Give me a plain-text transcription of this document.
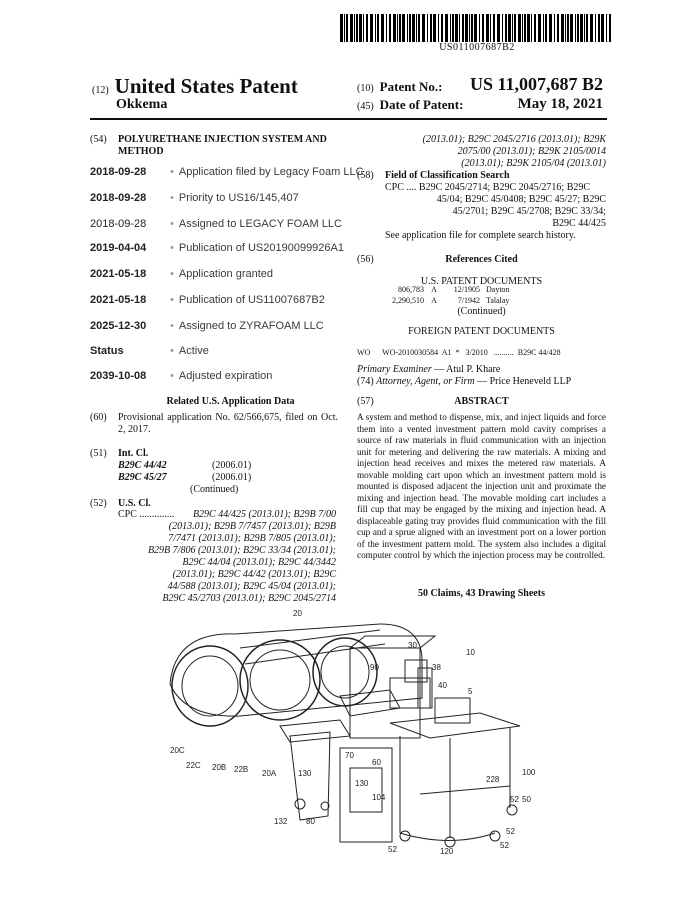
US011007687B2
(12) United States Patent
Okkema
(10) Patent No.: US 11,007,687 B2
(45) Date of Patent:	May 18, 2021
(54) POLYURETHANE INJECTION SYSTEM AND METHOD
2018-09-28 • Application filed by Legacy Foam LLC
2018-09-28 • Priority to US16/145,407
2018-09-28 • Assigned to LEGACY FOAM LLC
2019-04-04 • Publication of US20190099926A1
2021-05-18 • Application granted
2021-05-18 • Publication of US11007687B2
2025-12-30 • Assigned to ZYRAFOAM LLC
Status	• Active
2039-10-08 • Adjusted expiration
Related U.S. Application Data
(60) Provisional application No. 62/566,675, filed on Oct. 2, 2017.
(51) Int. Cl.
B29C 44/42	(2006.01)
B29C 45/27	(2006.01)
(Continued)
(52) U.S. Cl.
CPC ..............	B29C 44/425 (2013.01); B29B 7/00
(2013.01); B29B 7/7457 (2013.01); B29B
7/7471 (2013.01); B29B 7/805 (2013.01);
B29B 7/806 (2013.01); B29C 33/34 (2013.01);
B29C 44/04 (2013.01); B29C 44/3442
(2013.01); B29C 44/42 (2013.01); B29C
44/588 (2013.01); B29C 45/04 (2013.01);
B29C 45/2703 (2013.01); B29C 2045/2714
(2013.01); B29C 2045/2716 (2013.01); B29K
2075/00 (2013.01); B29K 2105/0014
(2013.01); B29K 2105/04 (2013.01)
(58) Field of Classification Search
CPC .... B29C 2045/2714; B29C 2045/2716; B29C
45/04; B29C 45/0408; B29C 45/27; B29C
45/2701; B29C 45/2708; B29C 33/34;
B29C 44/425
See application file for complete search history.
(56)	References Cited
U.S. PATENT DOCUMENTS
806,783 A 12/1905 Dayton
2,290,510 A	7/1942 Talalay
(Continued)
FOREIGN PATENT DOCUMENTS
WO      WO-2010030584  A1  *   3/2010   ..........  B29C 44/428
Primary Examiner — Atul P. Khare
(74) Attorney, Agent, or Firm — Price Heneveld LLP
(57)	ABSTRACT
A system and method to dispense, mix, and inject liquids and force them into a vented investment pattern mold cavity comprises a source of raw materials in fluid communication with an injection unit for metering and delivering the raw materials. A mixing and injection head receives and mixes the metered raw materials. A movable molding cart upon which an investment pattern mold is mounted is disposed adjacent the injection unit and proximate the mixing and injection head. The movable molding cart includes a fill cup that may be engaged by the mixing and injection head. A displaceable gating tray provides fluid communication with the fill cup and a sprue aligned with an investment port on a lower portion of the investment pattern mold. The system also includes a digital computer control by which the injection process may be controlled.
50 Claims, 43 Drawing Sheets
20
30
10
90	38
40
5
20C
22C 20B 22B 20A	130
70
60
130
104
132 80
228
100
52 50
52
52	120
52
